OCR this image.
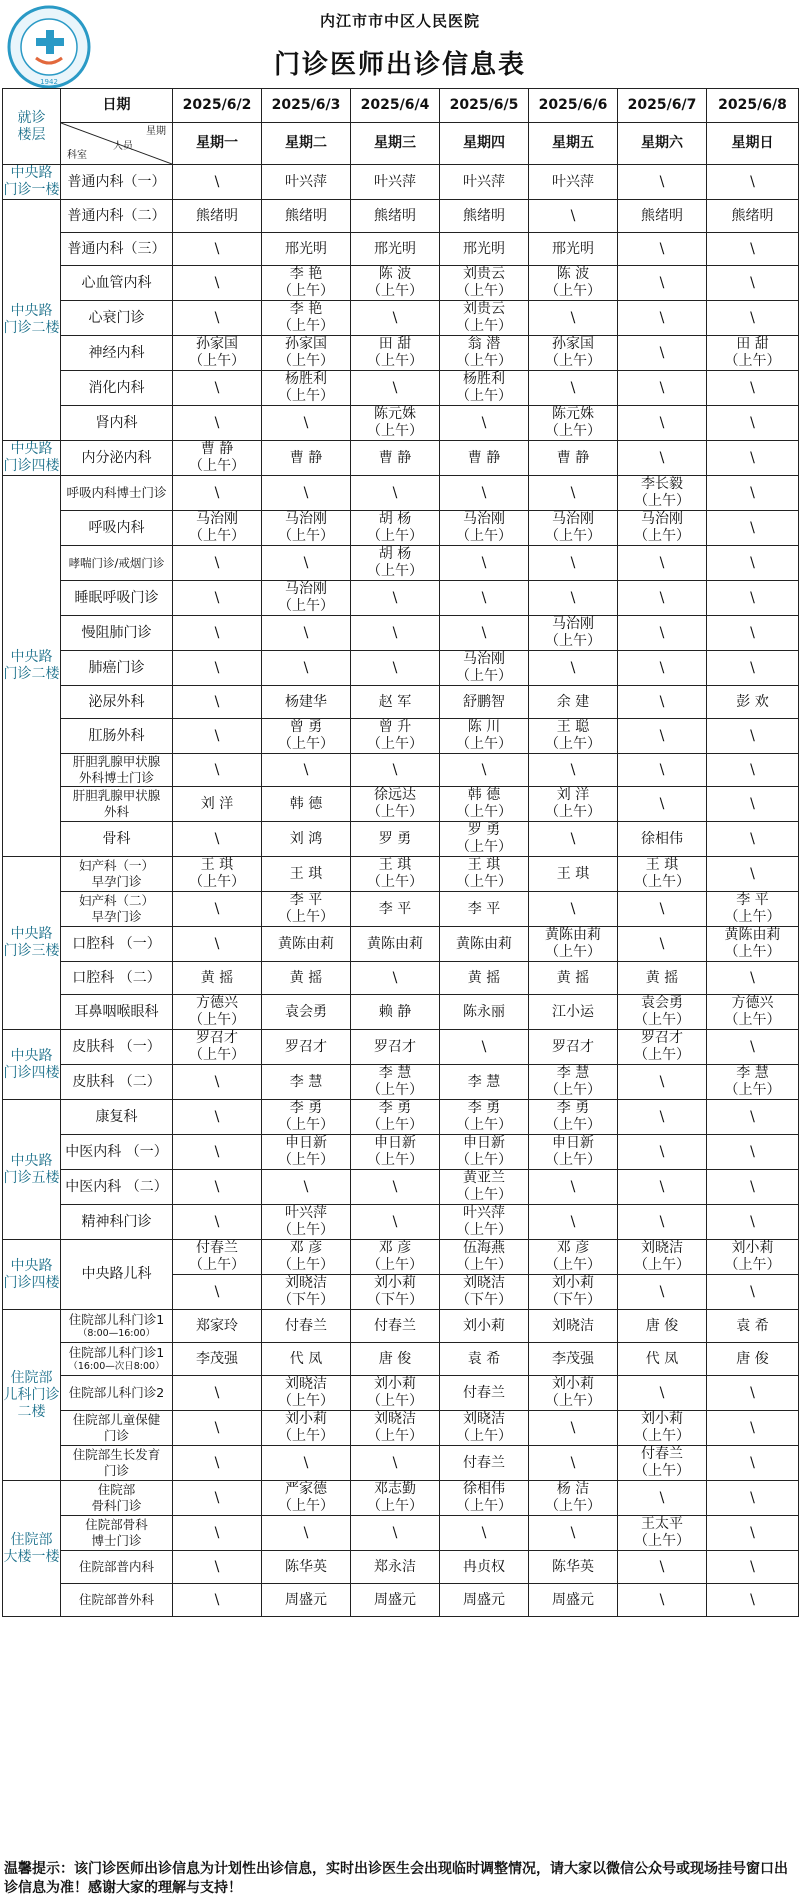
1942
内江市市中区人民医院
门诊医师出诊信息表
就诊
楼层	日期	2025/6/2	2025/6/3	2025/6/4	2025/6/5	2025/6/6	2025/6/7	2025/6/8

	星期
人员
科室	星期一	星期二	星期三	星期四	星期五	星期六	星期日
中央路
门诊一楼	普通内科（一）	\	叶兴萍	叶兴萍	叶兴萍	叶兴萍	\	\
中央路
门诊二楼	普通内科（二）	熊绪明	熊绪明	熊绪明	熊绪明	\	熊绪明	熊绪明
	普通内科（三）	\	邢光明	邢光明	邢光明	邢光明	\	\
	心血管内科	\	李 艳
（上午）	陈 波
（上午）	刘贵云
（上午）	陈 波
（上午）	\	\
	心衰门诊	\	李 艳
（上午）	\	刘贵云
（上午）	\	\	\
	神经内科	孙家国
（上午）	孙家国
（上午）	田 甜
（上午）	翁 潜
（上午）	孙家国
（上午）	\	田 甜
（上午）
	消化内科	\	杨胜利
（上午）	\	杨胜利
（上午）	\	\	\
	肾内科	\	\	陈元姝
（上午）	\	陈元姝
（上午）	\	\
中央路
门诊四楼	内分泌内科	曹 静
（上午）	曹 静	曹 静	曹 静	曹 静	\	\
中央路
门诊二楼	呼吸内科博士门诊	\	\	\	\	\	李长毅
（上午）	\
	呼吸内科	马治刚
（上午）	马治刚
（上午）	胡 杨
（上午）	马治刚
（上午）	马治刚
（上午）	马治刚
（上午）	\
	哮喘门诊/戒烟门诊	\	\	胡 杨
（上午）	\	\	\	\
	睡眠呼吸门诊	\	马治刚
（上午）	\	\	\	\	\
	慢阻肺门诊	\	\	\	\	马治刚
（上午）	\	\
	肺癌门诊	\	\	\	马治刚
（上午）	\	\	\
	泌尿外科	\	杨建华	赵 军	舒鹏智	余 建	\	彭 欢
	肛肠外科	\	曾 勇
（上午）	曾 升
（上午）	陈 川
（上午）	王 聪
（上午）	\	\
	肝胆乳腺甲状腺
外科博士门诊	\	\	\	\	\	\	\
	肝胆乳腺甲状腺
外科	刘 洋	韩 德	徐远达
（上午）	韩 德
（上午）	刘 洋
（上午）	\	\
	骨科	\	刘 鸿	罗 勇	罗 勇
（上午）	\	徐相伟	\
中央路
门诊三楼	妇产科（一）
早孕门诊	王 琪
（上午）	王 琪	王 琪
（上午）	王 琪
（上午）	王 琪	王 琪
（上午）	\
	妇产科（二）
早孕门诊	\	李 平
（上午）	李 平	李 平	\	\	李 平
（上午）
	口腔科 （一）	\	黄陈由莉	黄陈由莉	黄陈由莉	黄陈由莉
（上午）	\	黄陈由莉
（上午）
	口腔科 （二）	黄 摇	黄 摇	\	黄 摇	黄 摇	黄 摇	\
	耳鼻咽喉眼科	方德兴
（上午）	袁会勇	赖 静	陈永丽	江小运	袁会勇
（上午）	方德兴
（上午）
中央路
门诊四楼	皮肤科 （一）	罗召才
（上午）	罗召才	罗召才	\	罗召才	罗召才
（上午）	\
	皮肤科 （二）	\	李 慧	李 慧
（上午）	李 慧	李 慧
（上午）	\	李 慧
（上午）
中央路
门诊五楼	康复科	\	李 勇
（上午）	李 勇
（上午）	李 勇
（上午）	李 勇
（上午）	\	\
	中医内科 （一）	\	申日新
（上午）	申日新
（上午）	申日新
（上午）	申日新
（上午）	\	\
	中医内科 （二）	\	\	\	黄亚兰
（上午）	\	\	\
	精神科门诊	\	叶兴萍
（上午）	\	叶兴萍
（上午）	\	\	\
中央路
门诊四楼	中央路儿科	付春兰
（上午）	邓 彦
（上午）	邓 彦
（上午）	伍海燕
（上午）	邓 彦
（上午）	刘晓洁
（上午）	刘小莉
（上午）
		\	刘晓洁
（下午）	刘小莉
（下午）	刘晓洁
（下午）	刘小莉
（下午）	\	\
住院部
儿科门诊
二楼	住院部儿科门诊1
（8:00—16:00）	郑家玲	付春兰	付春兰	刘小莉	刘晓洁	唐 俊	袁 希
	住院部儿科门诊1
（16:00—次日8:00）	李茂强	代 凤	唐 俊	袁 希	李茂强	代 凤	唐 俊
	住院部儿科门诊2	\	刘晓洁
（上午）	刘小莉
（上午）	付春兰	刘小莉
（上午）	\	\
	住院部儿童保健
门诊	\	刘小莉
（上午）	刘晓洁
（上午）	刘晓洁
（上午）	\	刘小莉
（上午）	\
	住院部生长发育
门诊	\	\	\	付春兰	\	付春兰
（上午）	\
住院部
大楼一楼	住院部
骨科门诊	\	严家德
（上午）	邓志勤
（上午）	徐相伟
（上午）	杨 洁
（上午）	\	\
	住院部骨科
博士门诊	\	\	\	\	\	王太平
（上午）	\
	住院部普内科	\	陈华英	郑永洁	冉贞权	陈华英	\	\
	住院部普外科	\	周盛元	周盛元	周盛元	周盛元	\	\
温馨提示：该门诊医师出诊信息为计划性出诊信息，实时出诊医生会出现临时调整情况，请大家以微信公众号或现场挂号窗口出诊信息为准！感谢大家的理解与支持！
